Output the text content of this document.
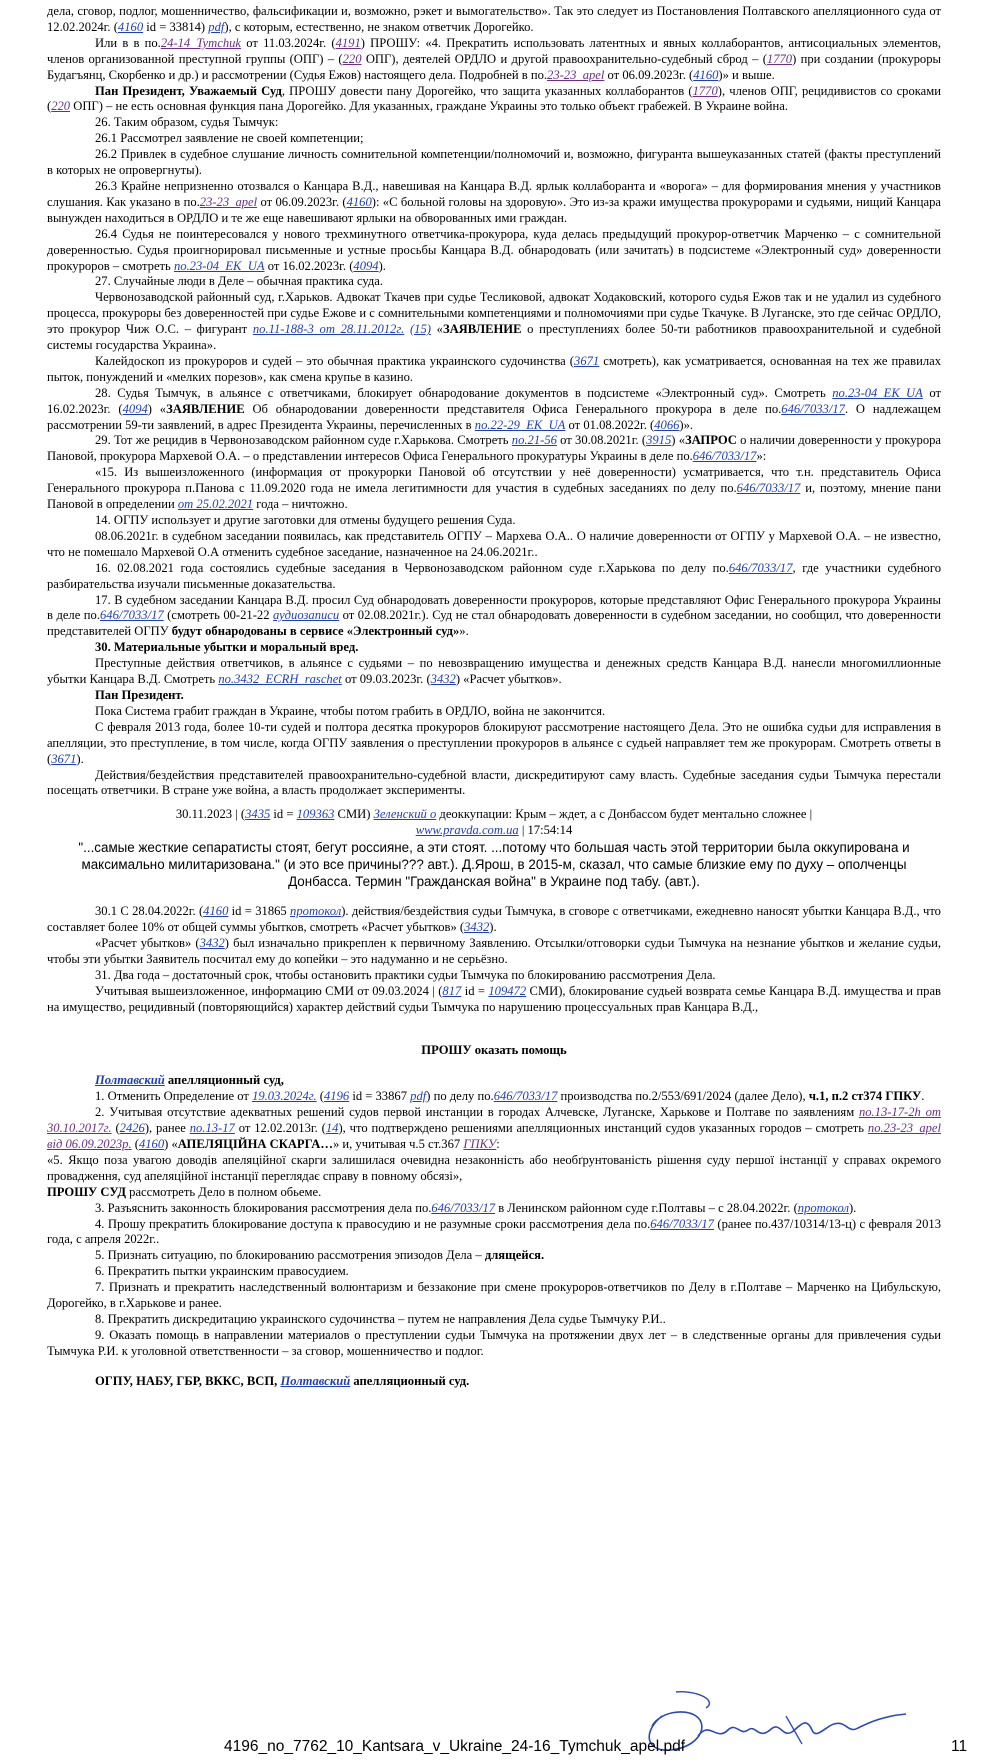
дела, сговор, подлог, мошенничество, фальсификации и, возможно, рэкет и вымогательство». Так это следует из Постановления Полтавского апелляционного суда от 12.02.2024г. (4160 id = 33814) pdf), с которым, естественно, не знаком ответчик Дорогейко.

Или в в по.24-14_Tymchuk от 11.03.2024г. (4191) ПРОШУ: «4. Прекратить использовать латентных и явных коллаборантов, антисоциальных элементов, членов организованной преступной группы (ОПГ) – (220 ОПГ), деятелей ОРДЛО и другой правоохранительно-судебный сброд – (1770) при создании (прокуроры Будагъянц, Скорбенко и др.) и рассмотрении (Судья Ежов) настоящего дела. Подробней в по.23-23_apel от 06.09.2023г. (4160)» и выше.

Пан Президент, Уважаемый Суд, ПРОШУ довести пану Дорогейко, что защита указанных коллаборантов (1770), членов ОПГ, рецидивистов со сроками (220 ОПГ) – не есть основная функция пана Дорогейко. Для указанных, граждане Украины это только объект грабежей. В Украине война.

26. Таким образом, судья Тымчук:

26.1 Рассмотрел заявление не своей компетенции;

26.2 Привлек в судебное слушание личность сомнительной компетенции/полномочий и, возможно, фигуранта вышеуказанных статей (факты преступлений в которых не опровергнуты).

26.3 Крайне непризненно отозвался о Канцара В.Д., навешивая на Канцара В.Д. ярлык коллаборанта и «ворога» – для формирования мнения у участников слушания. Как указано в по.23-23_apel от 06.09.2023г. (4160): «С больной головы на здоровую». Это из-за кражи имущества прокурорами и судьями, нищий Канцара вынужден находиться в ОРДЛО и те же еще навешивают ярлыки на обворованных ими граждан.

26.4 Судья не поинтересовался у нового трехминутного ответчика-прокурора, куда делась предыдущий прокурор-ответчик Марченко – с сомнительной доверенностью. Судья проигнорировал письменные и устные просьбы Канцара В.Д. обнародовать (или зачитать) в подсистеме «Электронный суд» доверенности прокуроров – смотреть по.23-04_EK_UA от 16.02.2023г. (4094).

27. Случайные люди в Деле – обычная практика суда.

Червонозаводской районный суд, г.Харьков. Адвокат Ткачев при судье Тесликовой, адвокат Ходаковский, которого судья Ежов так и не удалил из судебного процесса, прокуроры без доверенностей при судье Ежове и с сомнительными компетенциями и полномочиями при судье Ткачуке. В Луганске, это где сейчас ОРДЛО, это прокурор Чиж О.С. – фигурант по.11-188-3 от 28.11.2012г. (15) «ЗАЯВЛЕНИЕ о преступлениях более 50-ти работников правоохранительной и судебной системы государства Украина».

Калейдоскоп из прокуроров и судей – это обычная практика украинского судочинства (3671 смотреть), как усматривается, основанная на тех же правилах пыток, понуждений и «мелких порезов», как смена крупье в казино.

28. Судья Тымчук, в альянсе с ответчиками, блокирует обнародование документов в подсистеме «Электронный суд». Смотреть по.23-04_EK_UA от 16.02.2023г. (4094) «ЗАЯВЛЕНИЕ Об обнародовании доверенности представителя Офиса Генерального прокурора в деле по.646/7033/17. О надлежащем рассмотрении 59-ти заявлений, в адрес Президента Украины, перечисленных в по.22-29_EK_UA от 01.08.2022г. (4066)».

29. Тот же рецидив в Червонозаводском районном суде г.Харькова. Смотреть по.21-56 от 30.08.2021г. (3915) «ЗАПРОС о наличии доверенности у прокурора Пановой, прокурора Мархевой О.А. – о представлении интересов Офиса Генерального прокуратуры Украины в деле по.646/7033/17»:

«15. Из вышеизложенного (информация от прокурорки Пановой об отсутствии у неё доверенности) усматривается, что т.н. представитель Офиса Генерального прокурора п.Панова с 11.09.2020 года не имела легитимности для участия в судебных заседаниях по делу по.646/7033/17 и, поэтому, мнение пани Пановой в определении от 25.02.2021 года – ничтожно.

14. ОГПУ использует и другие заготовки для отмены будущего решения Суда.

08.06.2021г. в судебном заседании появилась, как представитель ОГПУ – Мархева О.А.. О наличие доверенности от ОГПУ у Мархевой О.А. – не известно, что не помешало Мархевой О.А отменить судебное заседание, назначенное на 24.06.2021г..

16. 02.08.2021 года состоялись судебные заседания в Червонозаводском районном суде г.Харькова по делу по.646/7033/17, где участники судебного разбирательства изучали письменные доказательства.

17. В судебном заседании Канцара В.Д. просил Суд обнародовать доверенности прокуроров, которые представляют Офис Генерального прокурора Украины в деле по.646/7033/17 (смотреть 00-21-22 аудиозаписи от 02.08.2021г.). Суд не стал обнародовать доверенности в судебном заседании, но сообщил, что доверенности представителей ОГПУ будут обнародованы в сервисе «Электронный суд»».

30. Материальные убытки и моральный вред.

Преступные действия ответчиков, в альянсе с судьями – по невозвращению имущества и денежных средств Канцара В.Д. нанесли многомиллионные убытки Канцара В.Д. Смотреть по.3432_ECRH_raschet от 09.03.2023г. (3432) «Расчет убытков».

Пан Президент.

Пока Система грабит граждан в Украине, чтобы потом грабить в ОРДЛО, война не закончится.

С февраля 2013 года, более 10-ти судей и полтора десятка прокуроров блокируют рассмотрение настоящего Дела. Это не ошибка судьи для исправления в апелляции, это преступление, в том числе, когда ОГПУ заявления о преступлении прокуроров в альянсе с судьей направляет тем же прокурорам. Смотреть ответы в (3671).

Действия/бездействия представителей правоохранительно-судебной власти, дискредитируют саму власть. Судебные заседания судьи Тымчука перестали посещать ответчики. В стране уже война, а власть продолжает эксперименты.

30.11.2023 | (3435 id = 109363 СМИ) Зеленский о деоккупации: Крым – ждет, а с Донбассом будет ментально сложнее |

www.pravda.com.ua | 17:54:14

"...самые жесткие сепаратисты стоят, бегут россияне, а эти стоят. ...потому что большая часть этой территории была оккупирована и максимально милитаризована." (и это все причины??? авт.). Д.Ярош, в 2015-м, сказал, что самые близкие ему по духу – ополченцы Донбасса. Термин "Гражданская война" в Украине под табу. (авт.).

30.1 С 28.04.2022г. (4160 id = 31865 протокол). действия/бездействия судьи Тымчука, в сговоре с ответчиками, ежедневно наносят убытки Канцара В.Д., что составляет более 10% от общей суммы убытков, смотреть «Расчет убытков» (3432).

«Расчет убытков» (3432) был изначально прикреплен к первичному Заявлению. Отсылки/отговорки судьи Тымчука на незнание убытков и желание судьи, чтобы эти убытки Заявитель посчитал ему до копейки – это надуманно и не серьёзно.

31. Два года – достаточный срок, чтобы остановить практики судьи Тымчука по блокированию рассмотрения Дела.

Учитывая вышеизложенное, информацию СМИ от 09.03.2024 | (817 id = 109472 СМИ), блокирование судьей возврата семье Канцара В.Д. имущества и прав на имущество, рецидивный (повторяющийся) характер действий судьи Тымчука по нарушению процессуальных прав Канцара В.Д.,

ПРОШУ оказать помощь

Полтавский апелляционный суд,

1. Отменить Определение от 19.03.2024г. (4196 id = 33867 pdf) по делу по.646/7033/17 производства по.2/553/691/2024 (далее Дело), ч.1, п.2 ст374 ГПКУ.

2. Учитывая отсутствие адекватных решений судов первой инстанции в городах Алчевске, Луганске, Харькове и Полтаве по заявлениям по.13-17-2h от 30.10.2017г. (2426), ранее по.13-17 от 12.02.2013г. (14), что подтверждено решениями апелляционных инстанций судов указанных городов – смотреть по.23-23_apel від 06.09.2023р. (4160) «АПЕЛЯЦІЙНА СКАРГА…» и, учитывая ч.5 ст.367 ГПКУ:

«5. Якщо поза увагою доводів апеляційної скарги залишилася очевидна незаконність або необґрунтованість рішення суду першої інстанції у справах окремого провадження, суд апеляційної інстанції переглядає справу в повному обсязі»,

ПРОШУ СУД рассмотреть Дело в полном обьеме.

3. Разъяснить законность блокирования рассмотрения дела по.646/7033/17 в Ленинском районном суде г.Полтавы – с 28.04.2022г. (протокол).

4. Прошу прекратить блокирование доступа к правосудию и не разумные сроки рассмотрения дела по.646/7033/17 (ранее по.437/10314/13-ц) с февраля 2013 года, с апреля 2022г..

5. Признать ситуацию, по блокированию рассмотрения эпизодов Дела – длящейся.

6. Прекратить пытки украинским правосудием.

7. Признать и прекратить наследственный волюнтаризм и беззаконие при смене прокуроров-ответчиков по Делу в г.Полтаве – Марченко на Цибульскую, Дорогейко, в г.Харькове и ранее.

8. Прекратить дискредитацию украинского судочинства – путем не направления Дела судье Тымчуку Р.И..

9. Оказать помощь в направлении материалов о преступлении судьи Тымчука на протяжении двух лет – в следственные органы для привлечения судьи Тымчука Р.И. к уголовной ответственности – за сговор, мошенничество и подлог.

ОГПУ, НАБУ, ГБР, ВККС, ВСП, Полтавский апелляционный суд.

4196_no_7762_10_Kantsara_v_Ukraine_24-16_Tymchuk_apel.pdf	11
